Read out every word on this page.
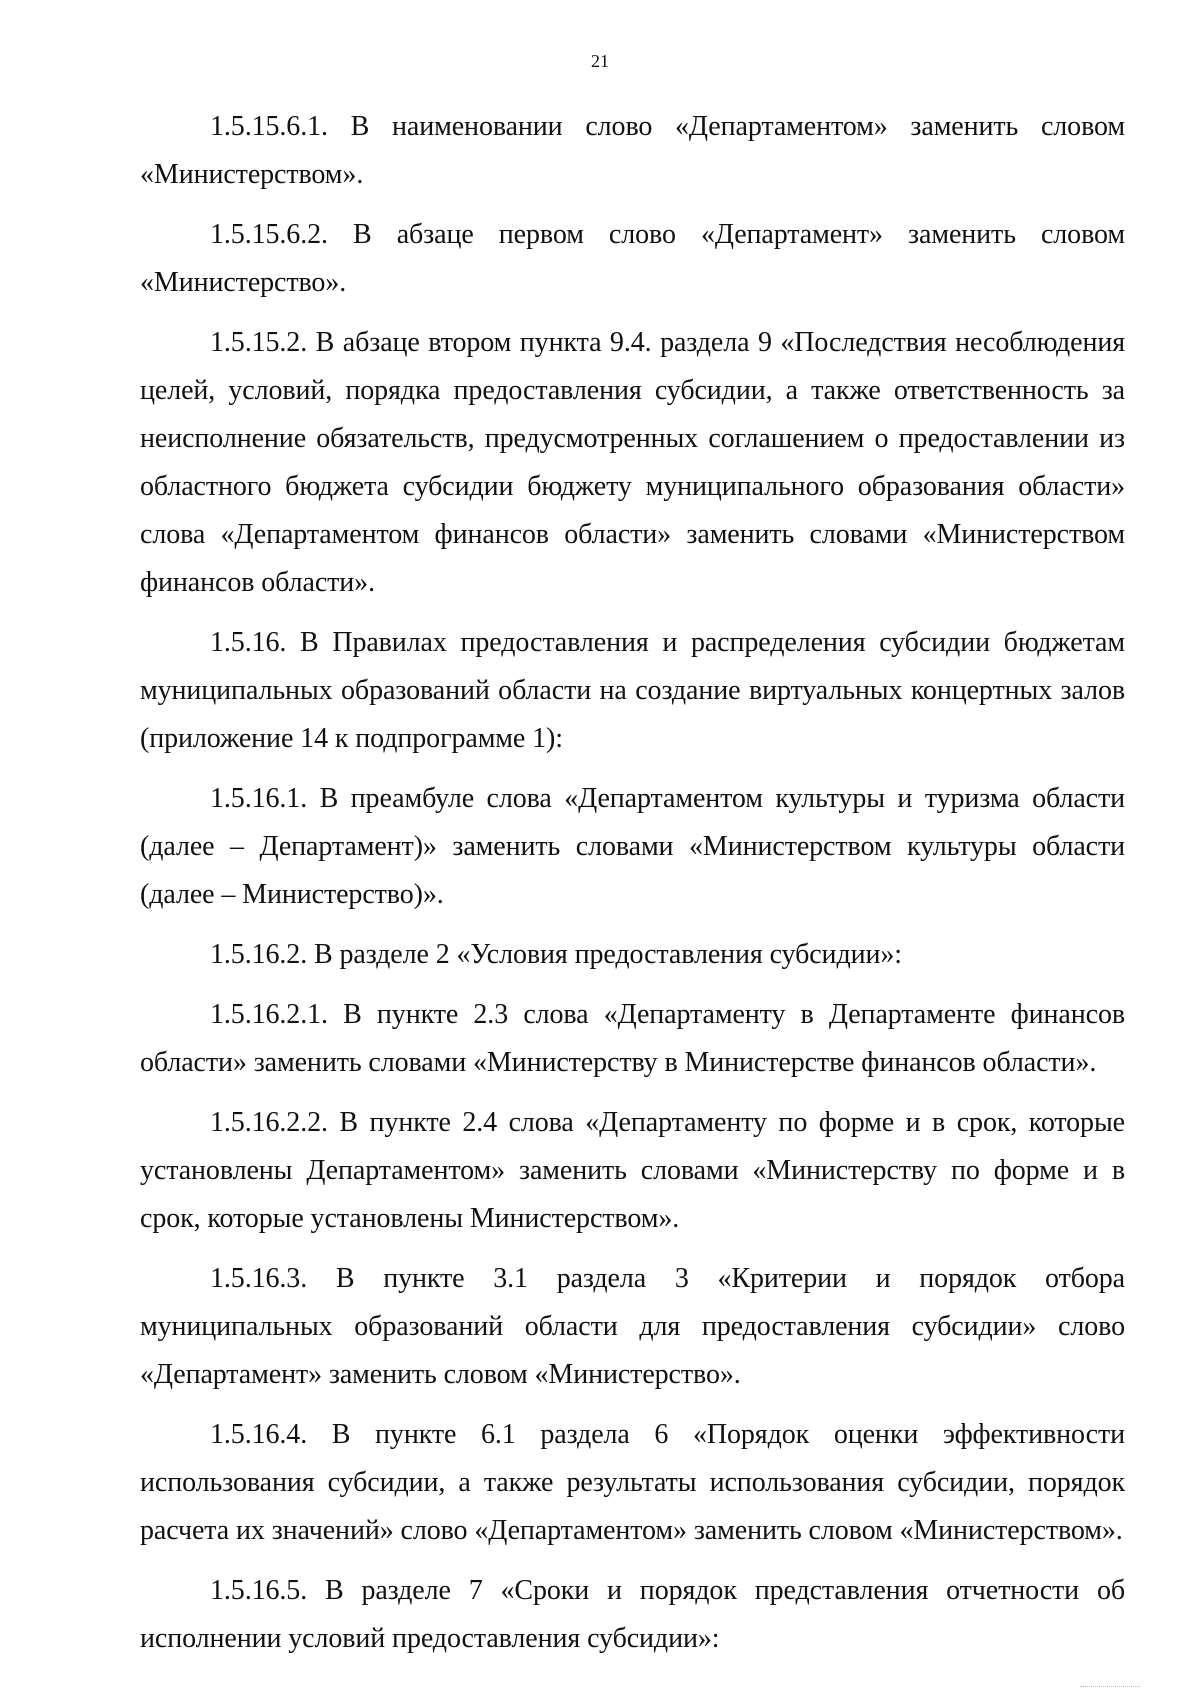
21

1.5.15.6.1. В наименовании слово «Департаментом» заменить словом «Министерством».

1.5.15.6.2. В абзаце первом слово «Департамент» заменить словом «Министерство».

1.5.15.2. В абзаце втором пункта 9.4. раздела 9 «Последствия несоблюдения целей, условий, порядка предоставления субсидии, а также ответственность за неисполнение обязательств, предусмотренных соглашением о предоставлении из областного бюджета субсидии бюджету муниципального образования области» слова «Департаментом финансов области» заменить словами «Министерством финансов области».

1.5.16. В Правилах предоставления и распределения субсидии бюджетам муниципальных образований области на создание виртуальных концертных залов (приложение 14 к подпрограмме 1):

1.5.16.1. В преамбуле слова «Департаментом культуры и туризма области (далее – Департамент)» заменить словами «Министерством культуры области (далее – Министерство)».

1.5.16.2. В разделе 2 «Условия предоставления субсидии»:

1.5.16.2.1. В пункте 2.3 слова «Департаменту в Департаменте финансов области» заменить словами «Министерству в Министерстве финансов области».

1.5.16.2.2. В пункте 2.4 слова «Департаменту по форме и в срок, которые установлены Департаментом» заменить словами «Министерству по форме и в срок, которые установлены Министерством».

1.5.16.3. В пункте 3.1 раздела 3 «Критерии и порядок отбора муниципальных образований области для предоставления субсидии» слово «Департамент» заменить словом «Министерство».

1.5.16.4. В пункте 6.1 раздела 6 «Порядок оценки эффективности использования субсидии, а также результаты использования субсидии, порядок расчета их значений» слово «Департаментом» заменить словом «Министерством».

1.5.16.5. В разделе 7 «Сроки и порядок представления отчетности об исполнении условий предоставления субсидии»:
